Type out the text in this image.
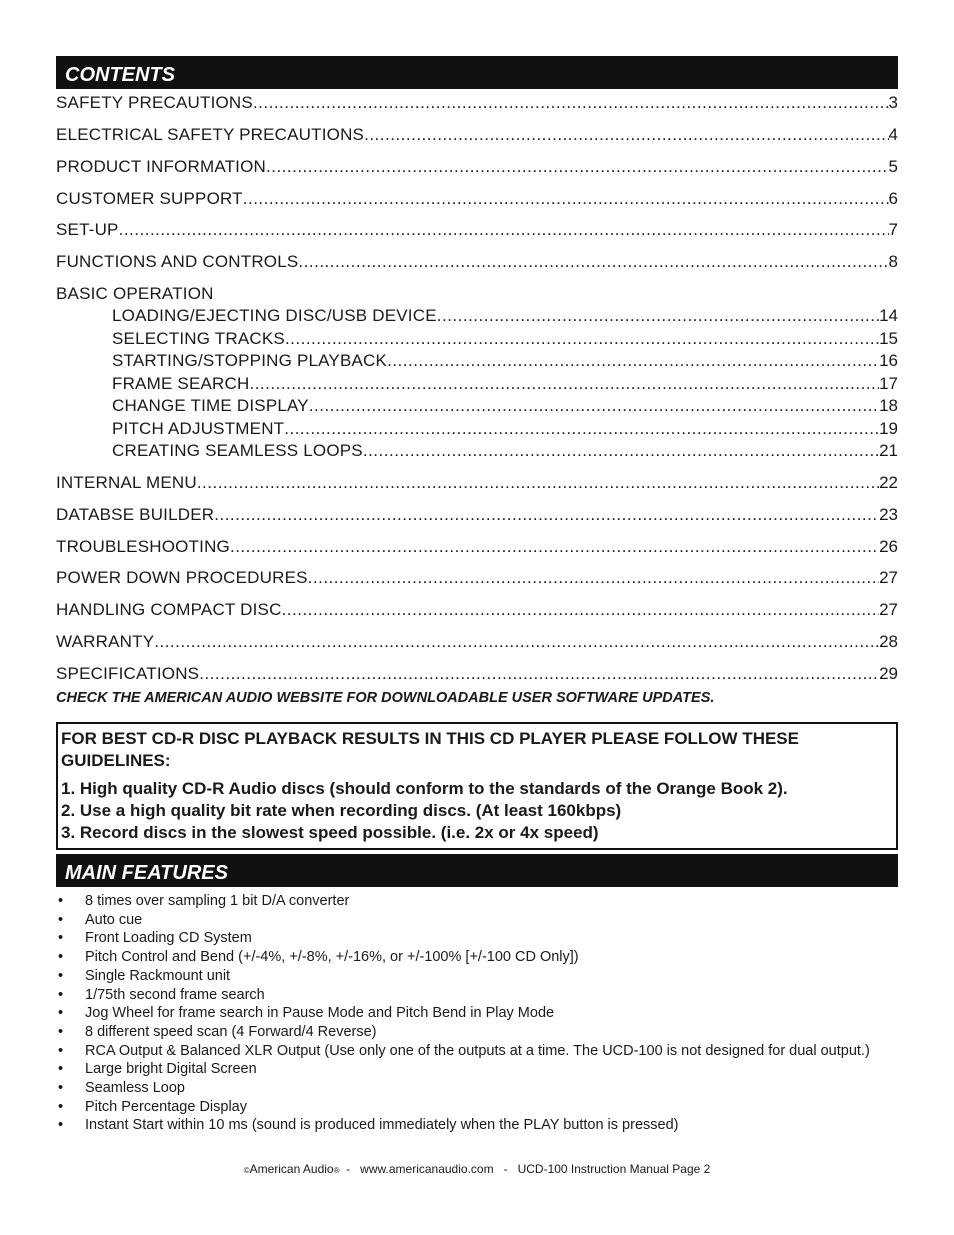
CONTENTS
SAFETY PRECAUTIONS .....	3
ELECTRICAL SAFETY PRECAUTIONS .....	4
PRODUCT INFORMATION .....	5
CUSTOMER SUPPORT .....	6
SET-UP .....	7
FUNCTIONS AND CONTROLS .....	8
BASIC OPERATION
LOADING/EJECTING DISC/USB DEVICE .....	14
SELECTING TRACKS .....	15
STARTING/STOPPING PLAYBACK .....	16
FRAME SEARCH .....	17
CHANGE TIME DISPLAY .....	18
PITCH ADJUSTMENT .....	19
CREATING SEAMLESS LOOPS .....	21
INTERNAL MENU .....	22
DATABSE BUILDER .....	23
TROUBLESHOOTING .....	26
POWER DOWN PROCEDURES .....	27
HANDLING COMPACT DISC .....	27
WARRANTY .....	28
SPECIFICATIONS .....	29
CHECK THE AMERICAN AUDIO WEBSITE FOR DOWNLOADABLE USER SOFTWARE UPDATES.
FOR BEST CD-R DISC PLAYBACK RESULTS IN THIS CD PLAYER PLEASE FOLLOW THESE
GUIDELINES:
1. High quality CD-R Audio discs (should conform to the standards of the Orange Book 2).
2. Use a high quality bit rate when recording discs. (At least 160kbps)
3. Record discs in the slowest speed possible. (i.e. 2x or 4x speed)
MAIN FEATURES
• 8 times over sampling 1 bit D/A converter
• Auto cue
• Front Loading CD System
• Pitch Control and Bend (+/-4%, +/-8%, +/-16%, or +/-100% [+/-100 CD Only])
• Single Rackmount unit
• 1/75th second frame search
• Jog Wheel for frame search in Pause Mode and Pitch Bend in Play Mode
• 8 different speed scan (4 Forward/4 Reverse)
• RCA Output & Balanced XLR Output (Use only one of the outputs at a time. The UCD-100 is not designed for dual output.)
• Large bright Digital Screen
• Seamless Loop
• Pitch Percentage Display
• Instant Start within 10 ms (sound is produced immediately when the PLAY button is pressed)
©American Audio®  -   www.americanaudio.com   -   UCD-100 Instruction Manual Page 2
